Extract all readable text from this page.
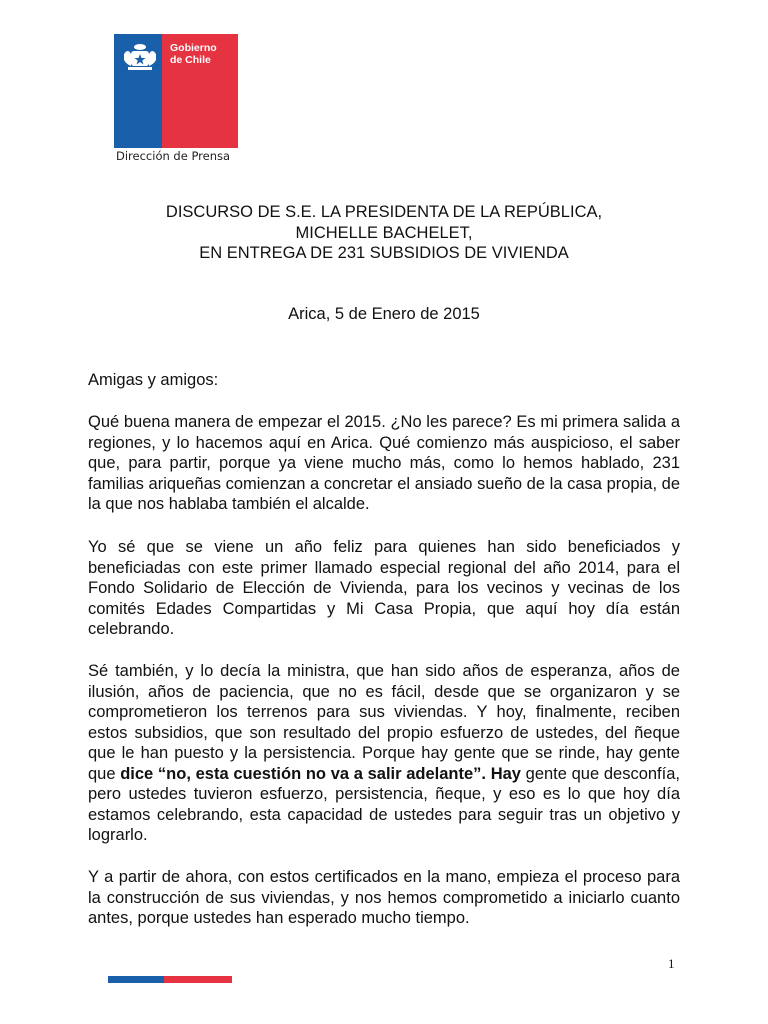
Gobierno
de Chile
Dirección de Prensa
DISCURSO DE S.E. LA PRESIDENTA DE LA REPÚBLICA,
MICHELLE BACHELET,
EN ENTREGA DE 231 SUBSIDIOS DE VIVIENDA
Arica, 5 de Enero de 2015
Amigas y amigos:

Qué buena manera de empezar el 2015. ¿No les parece? Es mi primera salida a regiones, y lo hacemos aquí en Arica. Qué comienzo más auspicioso, el saber que, para partir, porque ya viene mucho más, como lo hemos hablado, 231 familias ariqueñas comienzan a concretar el ansiado sueño de la casa propia, de la que nos hablaba también el alcalde.

Yo sé que se viene un año feliz para quienes han sido beneficiados y beneficiadas con este primer llamado especial regional del año 2014, para el Fondo Solidario de Elección de Vivienda, para los vecinos y vecinas de los comités Edades Compartidas y Mi Casa Propia, que aquí hoy día están celebrando.

Sé también, y lo decía la ministra, que han sido años de esperanza, años de ilusión, años de paciencia, que no es fácil, desde que se organizaron y se comprometieron los terrenos para sus viviendas. Y hoy, finalmente, reciben estos subsidios, que son resultado del propio esfuerzo de ustedes, del ñeque que le han puesto y la persistencia. Porque hay gente que se rinde, hay gente que dice “no, esta cuestión no va a salir adelante”. Hay gente que desconfía, pero ustedes tuvieron esfuerzo, persistencia, ñeque, y eso es lo que hoy día estamos celebrando, esta capacidad de ustedes para seguir tras un objetivo y lograrlo.

Y a partir de ahora, con estos certificados en la mano, empieza el proceso para la construcción de sus viviendas, y nos hemos comprometido a iniciarlo cuanto antes, porque ustedes han esperado mucho tiempo.

1
